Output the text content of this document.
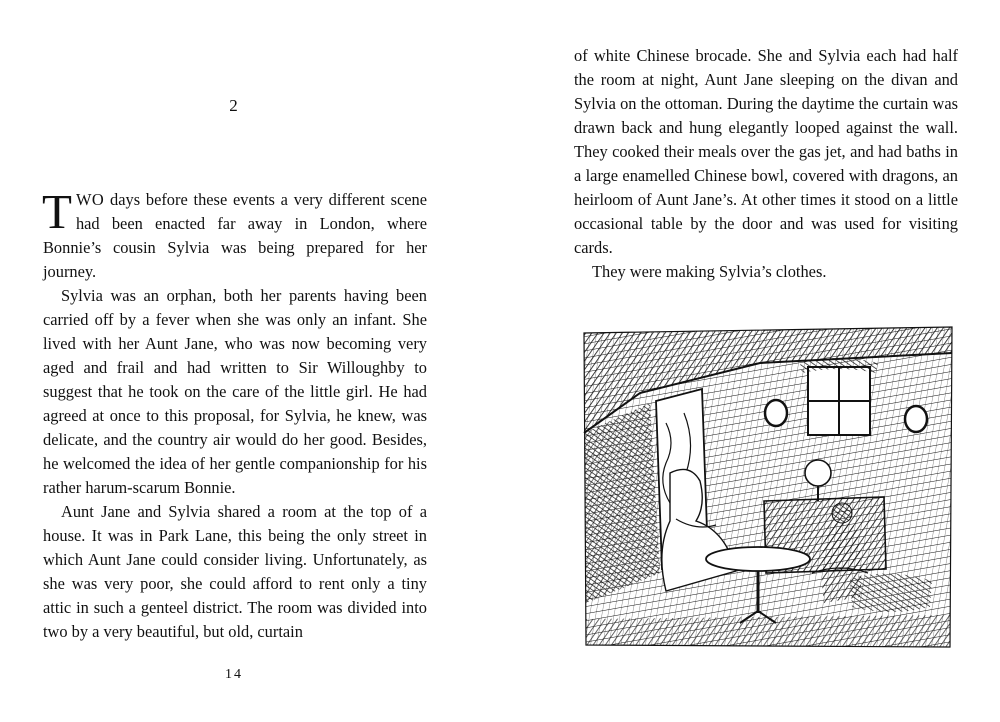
2

TWO days before these events a very different scene had been enacted far away in London, where Bonnie’s cousin Sylvia was being prepared for her journey.

Sylvia was an orphan, both her parents having been carried off by a fever when she was only an infant. She lived with her Aunt Jane, who was now becoming very aged and frail and had written to Sir Willoughby to suggest that he took on the care of the little girl. He had agreed at once to this proposal, for Sylvia, he knew, was delicate, and the country air would do her good. Besides, he welcomed the idea of her gentle companionship for his rather harum-scarum Bonnie.

Aunt Jane and Sylvia shared a room at the top of a house. It was in Park Lane, this being the only street in which Aunt Jane could consider living. Unfortunately, as she was very poor, she could afford to rent only a tiny attic in such a genteel district. The room was divided into two by a very beautiful, but old, curtain

14

of white Chinese brocade. She and Sylvia each had half the room at night, Aunt Jane sleeping on the divan and Sylvia on the ottoman. During the daytime the curtain was drawn back and hung elegantly looped against the wall. They cooked their meals over the gas jet, and had baths in a large enamelled Chinese bowl, covered with dragons, an heirloom of Aunt Jane’s. At other times it stood on a little occasional table by the door and was used for visiting cards.

They were making Sylvia’s clothes.
